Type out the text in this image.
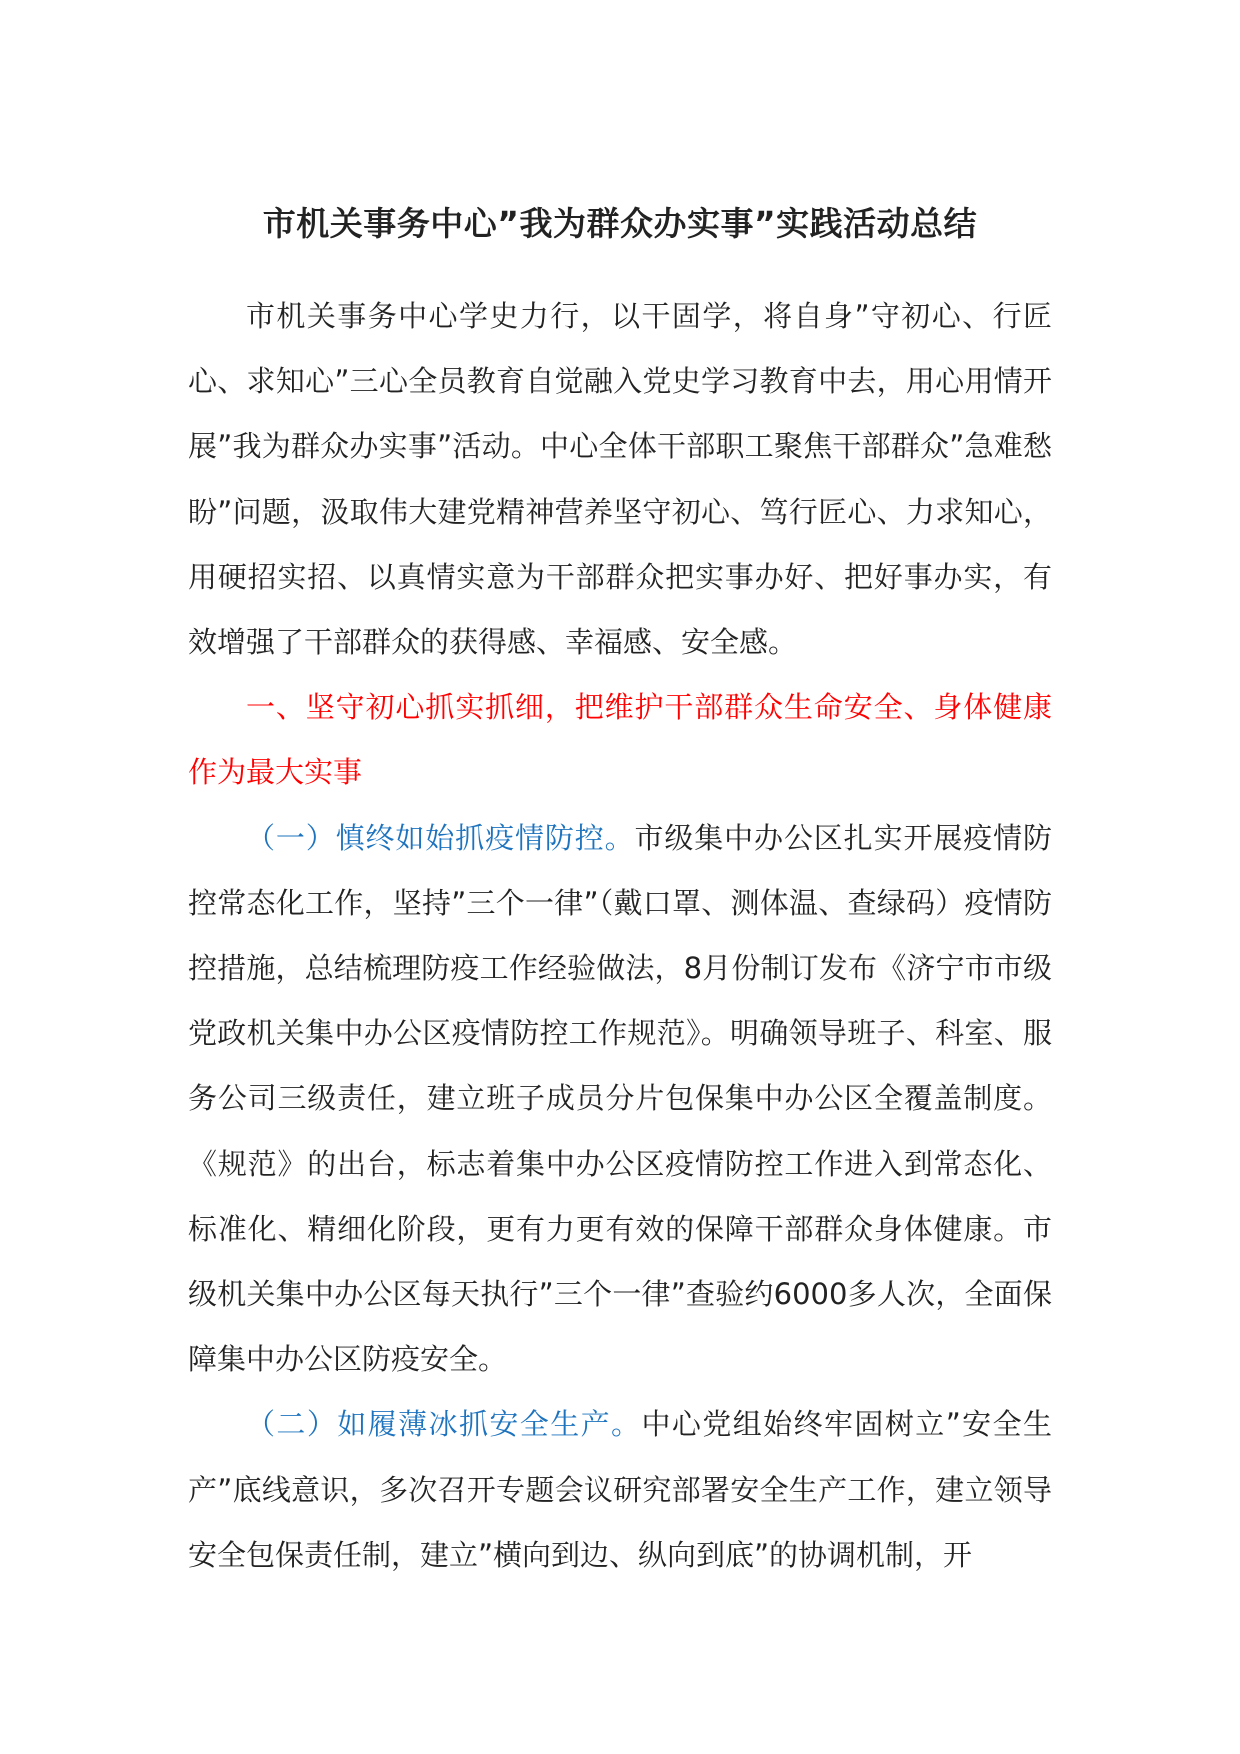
市机关事务中心”我为群众办实事”实践活动总结

市机关事务中心学史力行，以干固学，将自身”守初心、行匠心、求知心”三心全员教育自觉融入党史学习教育中去，用心用情开展”我为群众办实事”活动。中心全体干部职工聚焦干部群众”急难愁盼”问题，汲取伟大建党精神营养坚守初心、笃行匠心、力求知心，用硬招实招、以真情实意为干部群众把实事办好、把好事办实，有效增强了干部群众的获得感、幸福感、安全感。

一、坚守初心抓实抓细，把维护干部群众生命安全、身体健康作为最大实事

（一）慎终如始抓疫情防控。市级集中办公区扎实开展疫情防控常态化工作，坚持”三个一律”（戴口罩、测体温、查绿码）疫情防控措施，总结梳理防疫工作经验做法，8月份制订发布《济宁市市级党政机关集中办公区疫情防控工作规范》。明确领导班子、科室、服务公司三级责任，建立班子成员分片包保集中办公区全覆盖制度。《规范》的出台，标志着集中办公区疫情防控工作进入到常态化、标准化、精细化阶段，更有力更有效的保障干部群众身体健康。市级机关集中办公区每天执行”三个一律”查验约6000多人次，全面保障集中办公区防疫安全。

（二）如履薄冰抓安全生产。中心党组始终牢固树立”安全生产”底线意识，多次召开专题会议研究部署安全生产工作，建立领导安全包保责任制，建立”横向到边、纵向到底”的协调机制，开
